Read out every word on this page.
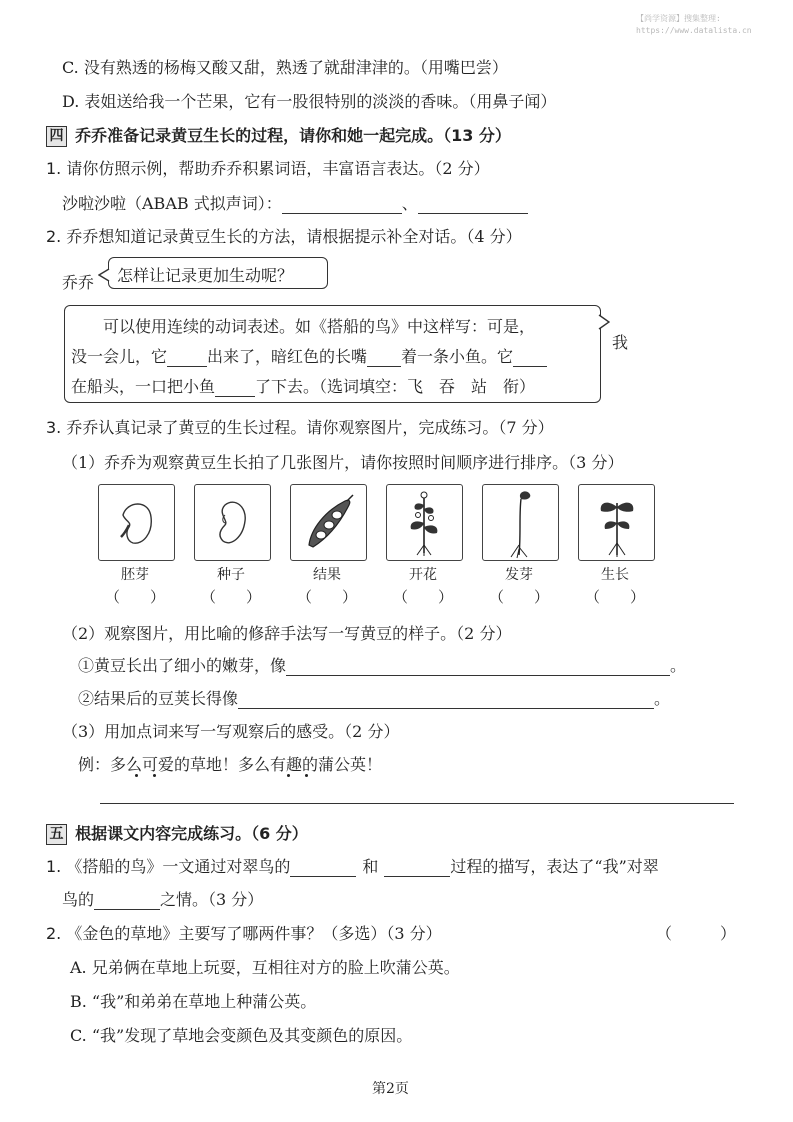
【尚学资源】搜集整理:
https://www.datalista.cn
C. 没有熟透的杨梅又酸又甜，熟透了就甜津津的。（用嘴巴尝）
D. 表姐送给我一个芒果，它有一股很特别的淡淡的香味。（用鼻子闻）
四 乔乔准备记录黄豆生长的过程，请你和她一起完成。（13 分）
1. 请你仿照示例，帮助乔乔积累词语，丰富语言表达。（2 分）
沙啦沙啦（ABAB 式拟声词）：	、
2. 乔乔想知道记录黄豆生长的方法，请根据提示补全对话。（4 分）
乔乔 怎样让记录更加生动呢？
可以使用连续的动词表述。如《搭船的鸟》中这样写：可是，
没一会儿，它	出来了，暗红色的长嘴 着一条小鱼。它
在船头，一口把小鱼	了下去。（选词填空：飞　吞　站　衔）
我
3. 乔乔认真记录了黄豆的生长过程。请你观察图片，完成练习。（7 分）
（1）乔乔为观察黄豆生长拍了几张图片，请你按照时间顺序进行排序。（3 分）
胚芽	种子	结果	开花	发芽	生长
（　　）	（　　）	（　　）	（　　）	（　　）	（　　）
（2）观察图片，用比喻的修辞手法写一写黄豆的样子。（2 分）
①黄豆长出了细小的嫩芽，像	。
②结果后的豆荚长得像	。
（3）用加点词来写一写观察后的感受。（2 分）
例：多么可爱的草地！多么有趣的蒲公英！
五 根据课文内容完成练习。（6 分）
1. 《搭船的鸟》一文通过对翠鸟的	和	过程的描写，表达了“我”对翠
鸟的	之情。（3 分）
2. 《金色的草地》主要写了哪两件事？（多选）（3 分）	（　　　）
A. 兄弟俩在草地上玩耍，互相往对方的脸上吹蒲公英。
B. “我”和弟弟在草地上种蒲公英。
C. “我”发现了草地会变颜色及其变颜色的原因。
第2页
